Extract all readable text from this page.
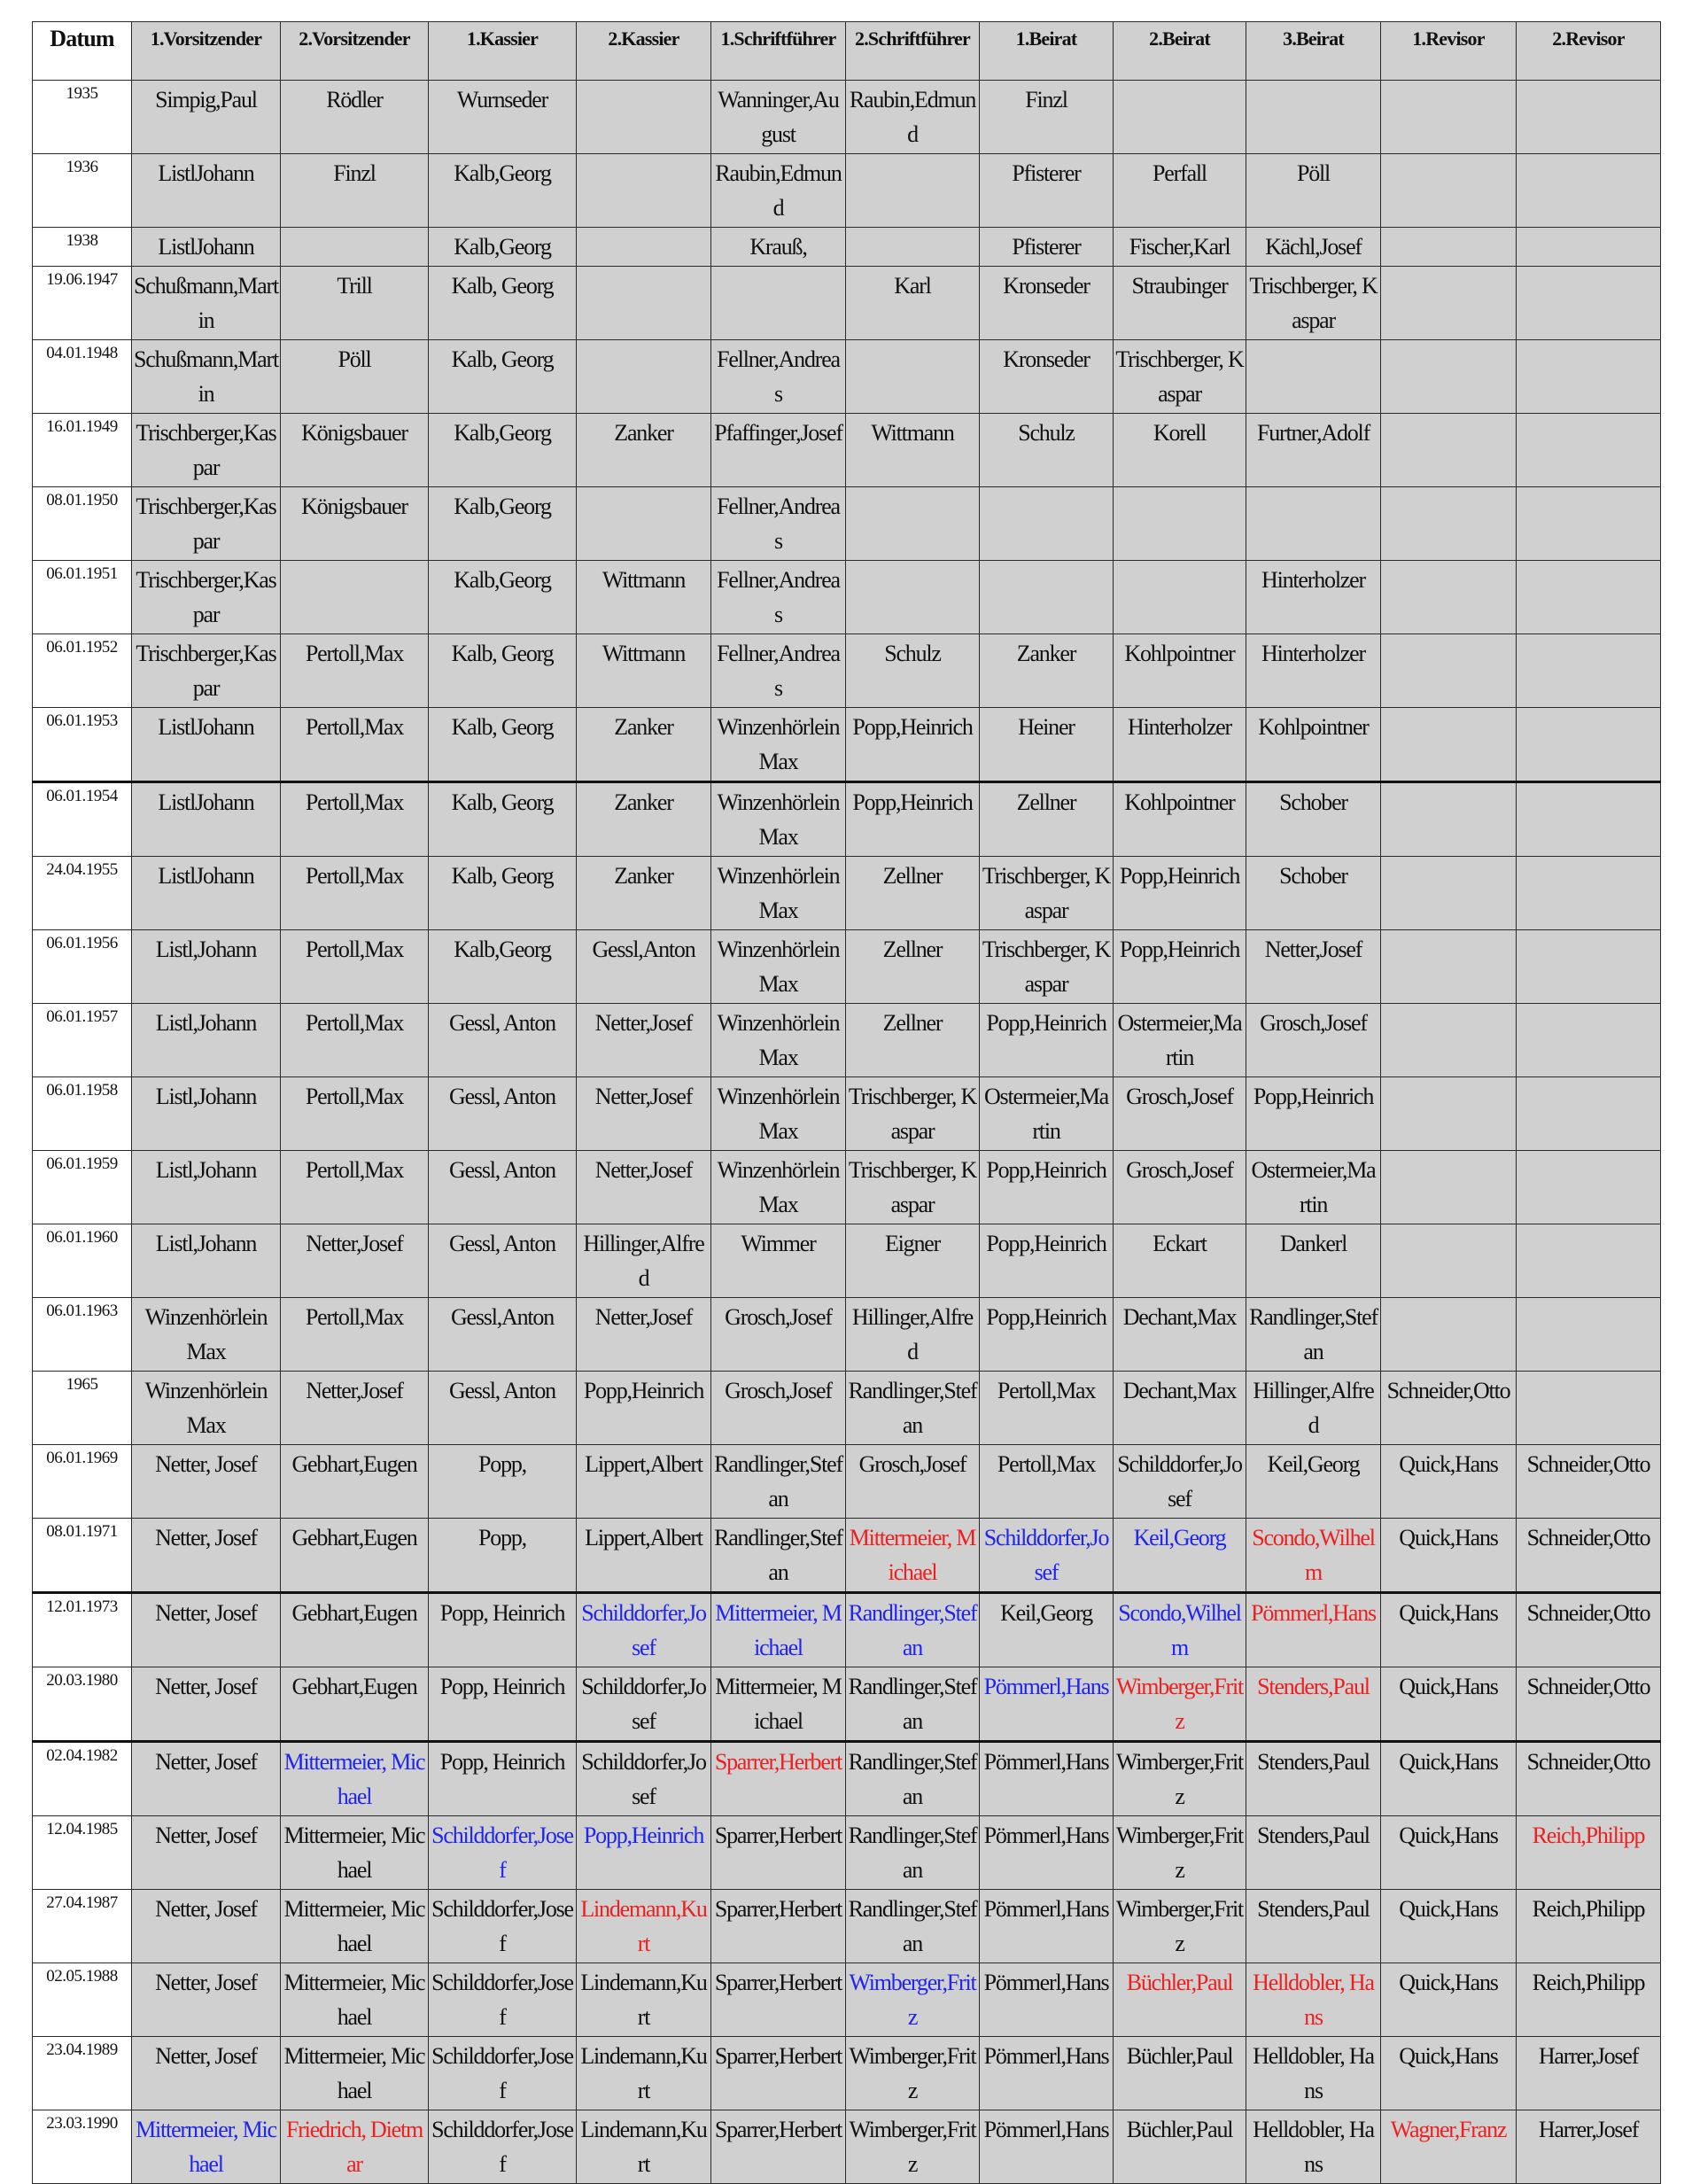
Datum	1.Vorsitzender	2.Vorsitzender	1.Kassier	2.Kassier	1.Schriftführer	2.Schriftführer	1.Beirat	2.Beirat	3.Beirat	1.Revisor	2.Revisor
1935	Simpig,Paul	Rödler	Wurnseder		Wanninger,August	Raubin,Edmund	Finzl				
1936	ListlJohann	Finzl	Kalb,Georg		Raubin,Edmund		Pfisterer	Perfall	Pöll		
1938	ListlJohann		Kalb,Georg		Krauß,		Pfisterer	Fischer,Karl	Kächl,Josef		
19.06.1947	Schußmann,Martin	Trill	Kalb, Georg			Karl	Kronseder	Straubinger	Trischberger, Kaspar		
04.01.1948	Schußmann,Martin	Pöll	Kalb, Georg		Fellner,Andreas		Kronseder	Trischberger, Kaspar			
16.01.1949	Trischberger,Kaspar	Königsbauer	Kalb,Georg	Zanker	Pfaffinger,Josef	Wittmann	Schulz	Korell	Furtner,Adolf		
08.01.1950	Trischberger,Kaspar	Königsbauer	Kalb,Georg		Fellner,Andreas						
06.01.1951	Trischberger,Kaspar		Kalb,Georg	Wittmann	Fellner,Andreas				Hinterholzer		
06.01.1952	Trischberger,Kaspar	Pertoll,Max	Kalb, Georg	Wittmann	Fellner,Andreas	Schulz	Zanker	Kohlpointner	Hinterholzer		
06.01.1953	ListlJohann	Pertoll,Max	Kalb, Georg	Zanker	Winzenhörlein Max	Popp,Heinrich	Heiner	Hinterholzer	Kohlpointner		
06.01.1954	ListlJohann	Pertoll,Max	Kalb, Georg	Zanker	Winzenhörlein Max	Popp,Heinrich	Zellner	Kohlpointner	Schober		
24.04.1955	ListlJohann	Pertoll,Max	Kalb, Georg	Zanker	Winzenhörlein Max	Zellner	Trischberger, Kaspar	Popp,Heinrich	Schober		
06.01.1956	Listl,Johann	Pertoll,Max	Kalb,Georg	Gessl,Anton	Winzenhörlein Max	Zellner	Trischberger, Kaspar	Popp,Heinrich	Netter,Josef		
06.01.1957	Listl,Johann	Pertoll,Max	Gessl, Anton	Netter,Josef	Winzenhörlein Max	Zellner	Popp,Heinrich	Ostermeier,Martin	Grosch,Josef		
06.01.1958	Listl,Johann	Pertoll,Max	Gessl, Anton	Netter,Josef	Winzenhörlein Max	Trischberger, Kaspar	Ostermeier,Martin	Grosch,Josef	Popp,Heinrich		
06.01.1959	Listl,Johann	Pertoll,Max	Gessl, Anton	Netter,Josef	Winzenhörlein Max	Trischberger, Kaspar	Popp,Heinrich	Grosch,Josef	Ostermeier,Martin		
06.01.1960	Listl,Johann	Netter,Josef	Gessl, Anton	Hillinger,Alfred	Wimmer	Eigner	Popp,Heinrich	Eckart	Dankerl		
06.01.1963	Winzenhörlein Max	Pertoll,Max	Gessl,Anton	Netter,Josef	Grosch,Josef	Hillinger,Alfred	Popp,Heinrich	Dechant,Max	Randlinger,Stefan		
1965	Winzenhörlein Max	Netter,Josef	Gessl, Anton	Popp,Heinrich	Grosch,Josef	Randlinger,Stefan	Pertoll,Max	Dechant,Max	Hillinger,Alfred	Schneider,Otto	
06.01.1969	Netter, Josef	Gebhart,Eugen	Popp,	Lippert,Albert	Randlinger,Stefan	Grosch,Josef	Pertoll,Max	Schilddorfer,Josef	Keil,Georg	Quick,Hans	Schneider,Otto
08.01.1971	Netter, Josef	Gebhart,Eugen	Popp,	Lippert,Albert	Randlinger,Stefan	Mittermeier, Michael	Schilddorfer,Josef	Keil,Georg	Scondo,Wilhelm	Quick,Hans	Schneider,Otto
12.01.1973	Netter, Josef	Gebhart,Eugen	Popp, Heinrich	Schilddorfer,Josef	Mittermeier, Michael	Randlinger,Stefan	Keil,Georg	Scondo,Wilhelm	Pömmerl,Hans	Quick,Hans	Schneider,Otto
20.03.1980	Netter, Josef	Gebhart,Eugen	Popp, Heinrich	Schilddorfer,Josef	Mittermeier, Michael	Randlinger,Stefan	Pömmerl,Hans	Wimberger,Fritz	Stenders,Paul	Quick,Hans	Schneider,Otto
02.04.1982	Netter, Josef	Mittermeier, Michael	Popp, Heinrich	Schilddorfer,Josef	Sparrer,Herbert	Randlinger,Stefan	Pömmerl,Hans	Wimberger,Fritz	Stenders,Paul	Quick,Hans	Schneider,Otto
12.04.1985	Netter, Josef	Mittermeier, Michael	Schilddorfer,Josef	Popp,Heinrich	Sparrer,Herbert	Randlinger,Stefan	Pömmerl,Hans	Wimberger,Fritz	Stenders,Paul	Quick,Hans	Reich,Philipp
27.04.1987	Netter, Josef	Mittermeier, Michael	Schilddorfer,Josef	Lindemann,Kurt	Sparrer,Herbert	Randlinger,Stefan	Pömmerl,Hans	Wimberger,Fritz	Stenders,Paul	Quick,Hans	Reich,Philipp
02.05.1988	Netter, Josef	Mittermeier, Michael	Schilddorfer,Josef	Lindemann,Kurt	Sparrer,Herbert	Wimberger,Fritz	Pömmerl,Hans	Büchler,Paul	Helldobler, Hans	Quick,Hans	Reich,Philipp
23.04.1989	Netter, Josef	Mittermeier, Michael	Schilddorfer,Josef	Lindemann,Kurt	Sparrer,Herbert	Wimberger,Fritz	Pömmerl,Hans	Büchler,Paul	Helldobler, Hans	Quick,Hans	Harrer,Josef
23.03.1990	Mittermeier, Michael	Friedrich, Dietmar	Schilddorfer,Josef	Lindemann,Kurt	Sparrer,Herbert	Wimberger,Fritz	Pömmerl,Hans	Büchler,Paul	Helldobler, Hans	Wagner,Franz	Harrer,Josef
